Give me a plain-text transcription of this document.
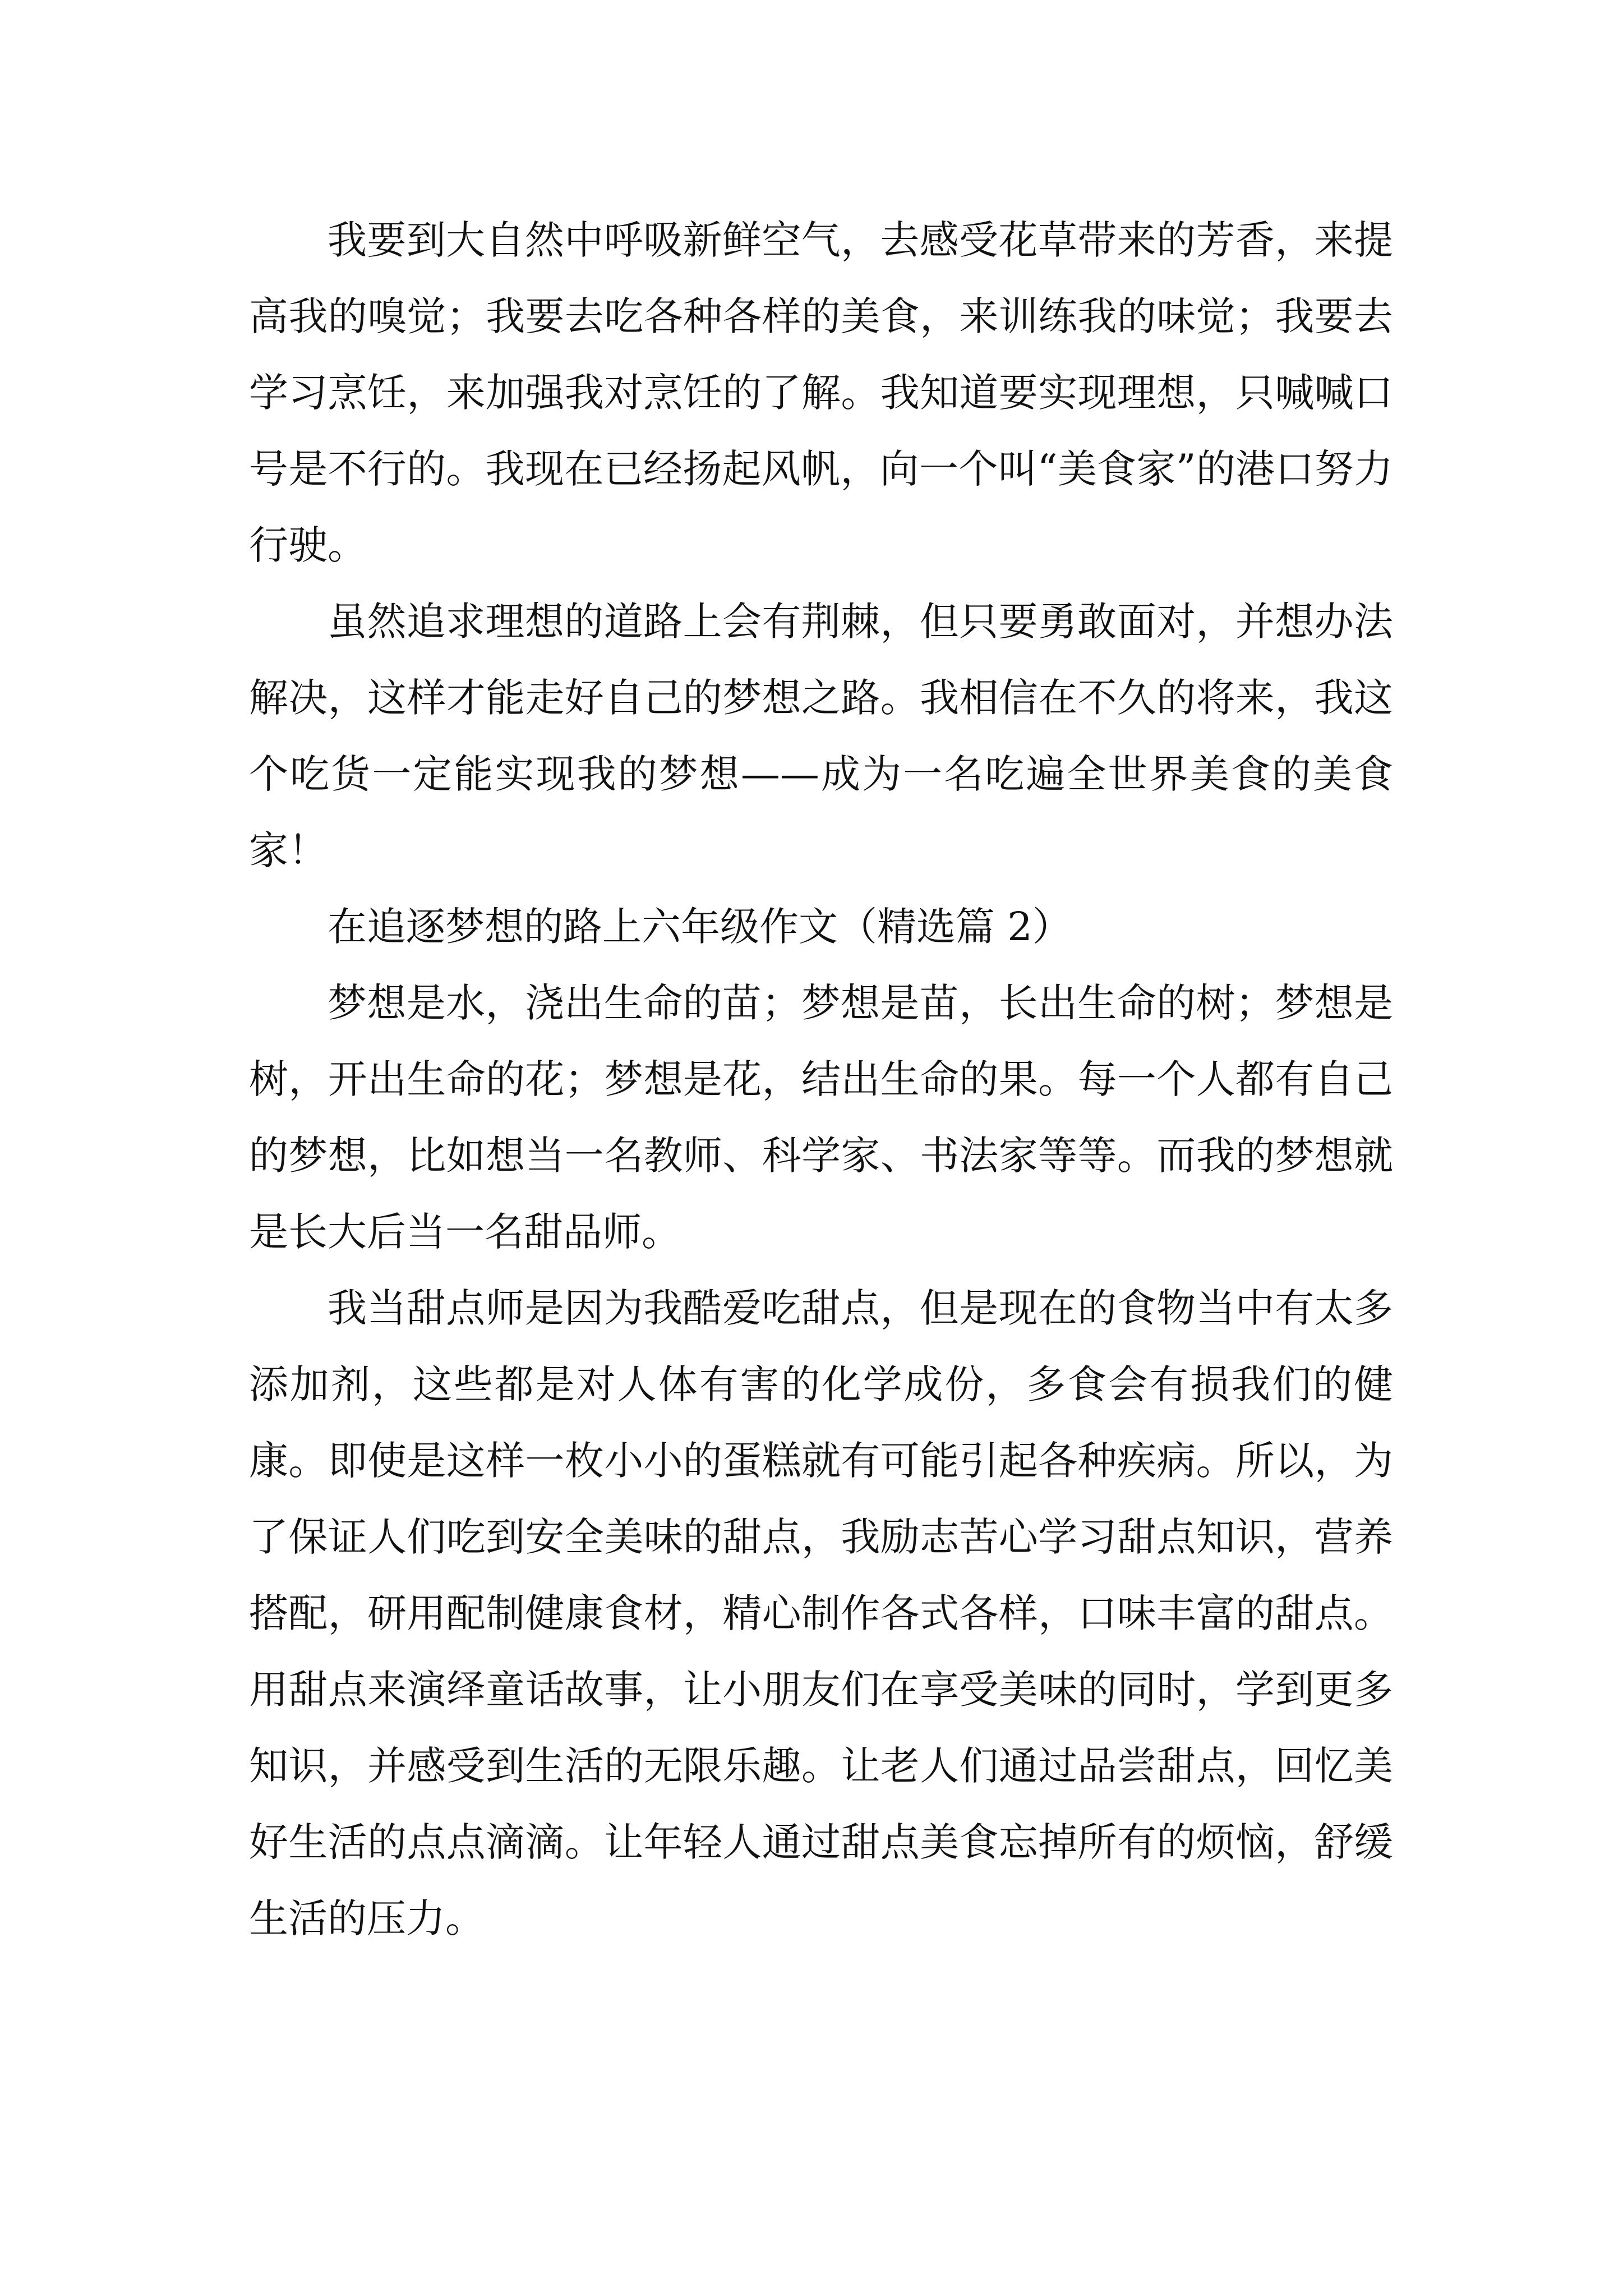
我要到大自然中呼吸新鲜空气，去感受花草带来的芳香，来提高我的嗅觉；我要去吃各种各样的美食，来训练我的味觉；我要去学习烹饪，来加强我对烹饪的了解。我知道要实现理想，只喊喊口号是不行的。我现在已经扬起风帆，向一个叫“美食家”的港口努力行驶。

虽然追求理想的道路上会有荆棘，但只要勇敢面对，并想办法解决，这样才能走好自己的梦想之路。我相信在不久的将来，我这个吃货一定能实现我的梦想——成为一名吃遍全世界美食的美食家！

在追逐梦想的路上六年级作文（精选篇 2）

梦想是水，浇出生命的苗；梦想是苗，长出生命的树；梦想是树，开出生命的花；梦想是花，结出生命的果。每一个人都有自己的梦想，比如想当一名教师、科学家、书法家等等。而我的梦想就是长大后当一名甜品师。

我当甜点师是因为我酷爱吃甜点，但是现在的食物当中有太多添加剂，这些都是对人体有害的化学成份，多食会有损我们的健康。即使是这样一枚小小的蛋糕就有可能引起各种疾病。所以，为了保证人们吃到安全美味的甜点，我励志苦心学习甜点知识，营养搭配，研用配制健康食材，精心制作各式各样，口味丰富的甜点。用甜点来演绎童话故事，让小朋友们在享受美味的同时，学到更多知识，并感受到生活的无限乐趣。让老人们通过品尝甜点，回忆美好生活的点点滴滴。让年轻人通过甜点美食忘掉所有的烦恼，舒缓生活的压力。
